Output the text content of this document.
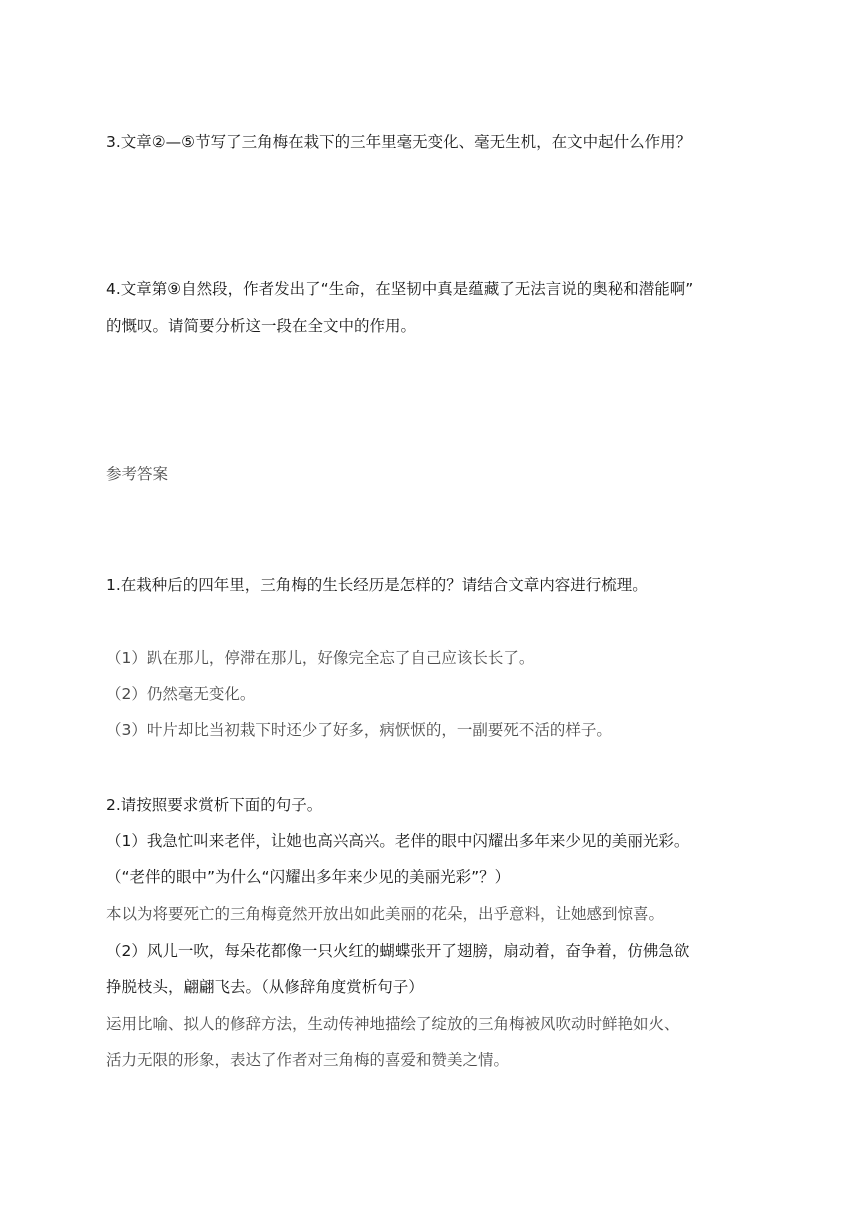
3.文章②—⑤节写了三角梅在栽下的三年里毫无变化、毫无生机，在文中起什么作用？
4.文章第⑨自然段，作者发出了“生命，在坚韧中真是蕴藏了无法言说的奥秘和潜能啊”
的慨叹。请简要分析这一段在全文中的作用。
参考答案
1.在栽种后的四年里，三角梅的生长经历是怎样的？请结合文章内容进行梳理。
（1）趴在那儿，停滞在那儿，好像完全忘了自己应该长长了。
（2）仍然毫无变化。
（3）叶片却比当初栽下时还少了好多，病恹恹的，一副要死不活的样子。
2.请按照要求赏析下面的句子。
（1）我急忙叫来老伴，让她也高兴高兴。老伴的眼中闪耀出多年来少见的美丽光彩。
（“老伴的眼中”为什么“闪耀出多年来少见的美丽光彩”？）
本以为将要死亡的三角梅竟然开放出如此美丽的花朵，出乎意料，让她感到惊喜。
（2）风儿一吹，每朵花都像一只火红的蝴蝶张开了翅膀，扇动着，奋争着，仿佛急欲
挣脱枝头，翩翩飞去。（从修辞角度赏析句子）
运用比喻、拟人的修辞方法，生动传神地描绘了绽放的三角梅被风吹动时鲜艳如火、
活力无限的形象，表达了作者对三角梅的喜爱和赞美之情。
